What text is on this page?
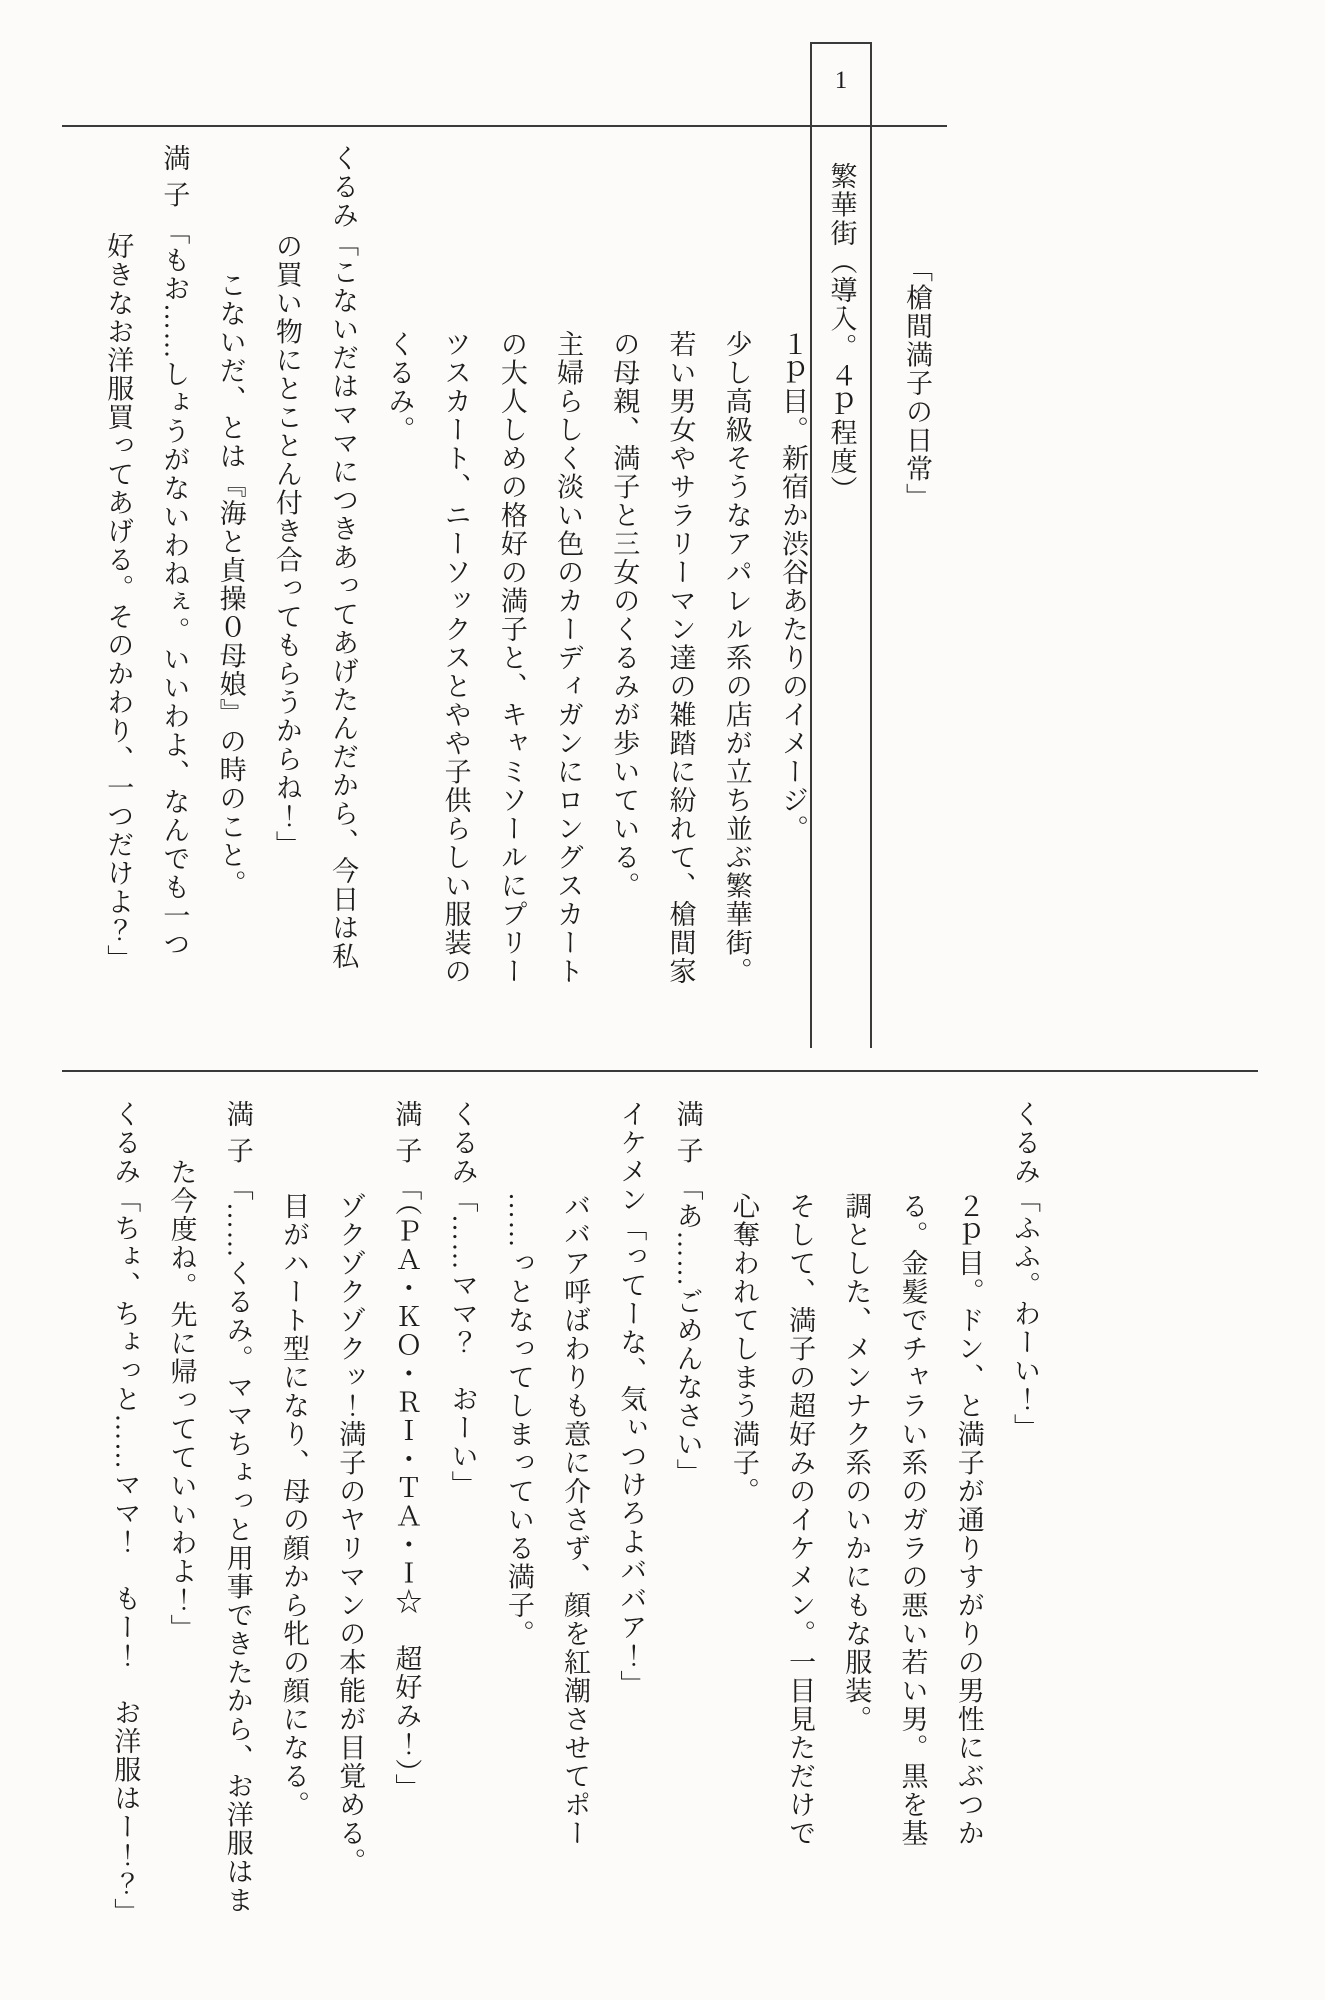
1
繁華街（導入。４ｐ程度） 「槍間満子の日常」
１ｐ目。新宿か渋谷あたりのイメージ。
少し高級そうなアパレル系の店が立ち並ぶ繁華街。
若い男女やサラリーマン達の雑踏に紛れて、槍間家
の母親、満子と三女のくるみが歩いている。
主婦らしく淡い色のカーディガンにロングスカート
の大人しめの格好の満子と、キャミソールにプリー
ツスカート、ニーソックスとやや子供らしい服装の
くるみ。
くるみ「こないだはママにつきあってあげたんだから、今日は私
の買い物にとことん付き合ってもらうからね！」
こないだ、とは『海と貞操０母娘』の時のこと。
満 子 「もお……しょうがないわねぇ。いいわよ、なんでも一つ
好きなお洋服買ってあげる。そのかわり、一つだけよ？」
くるみ「ふふ。わーい！」
２ｐ目。ドン、と満子が通りすがりの男性にぶつか
る。金髪でチャラい系のガラの悪い若い男。黒を基
調とした、メンナク系のいかにもな服装。
そして、満子の超好みのイケメン。一目見ただけで
心奪われてしまう満子。
満 子 「あ……ごめんなさい」
イケメン「ってーな、気ぃつけろよババア！」
ババア呼ばわりも意に介さず、顔を紅潮させてポー
……っとなってしまっている満子。
くるみ「……ママ？　おーい」
満 子 「（ＰＡ・ＫＯ・ＲＩ・ＴＡ・Ｉ☆　超好み！）」
ゾクゾクゾクッ！満子のヤリマンの本能が目覚める。
目がハート型になり、母の顔から牝の顔になる。
満 子 「……くるみ。ママちょっと用事できたから、お洋服はま
た今度ね。先に帰ってていいわよ！」
くるみ「ちょ、ちょっと……ママ！　もー！　お洋服はー！？」
